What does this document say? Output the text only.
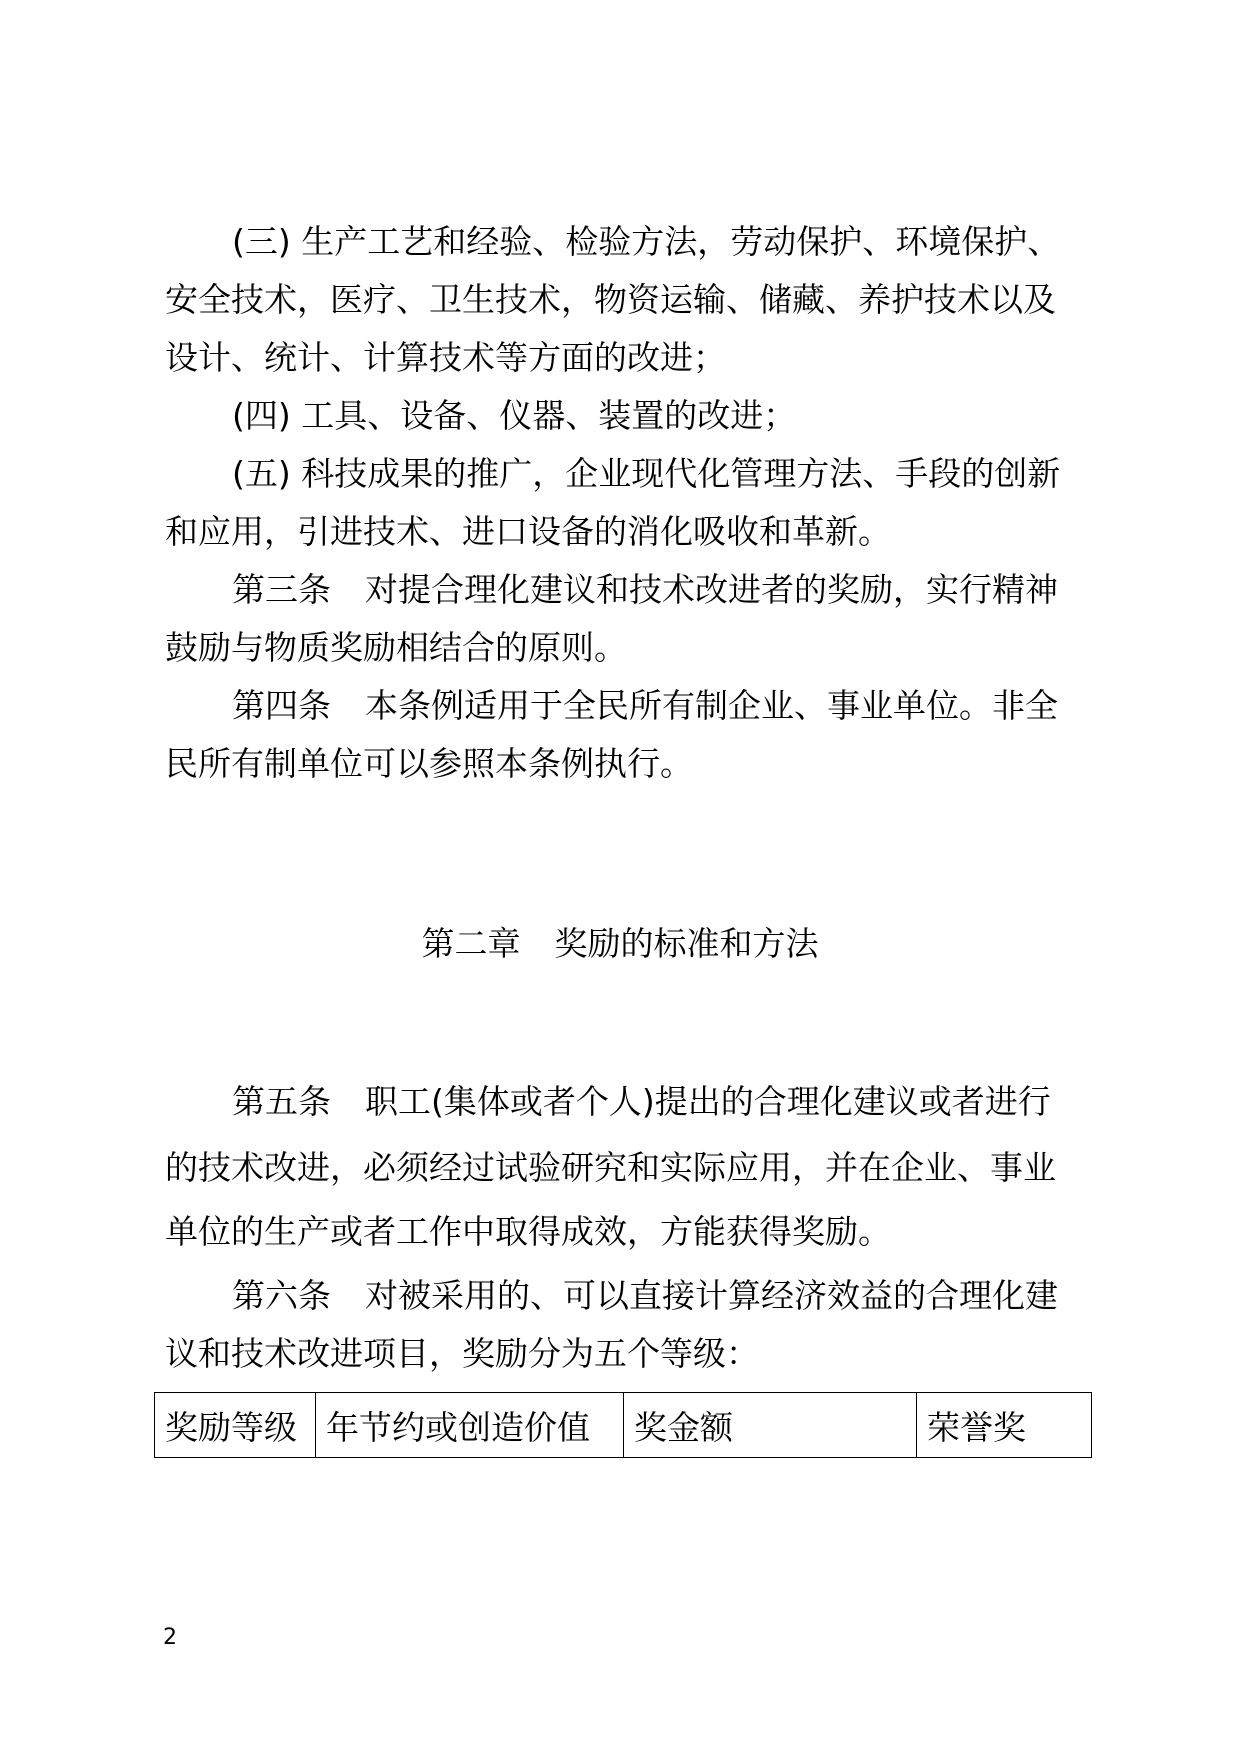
(三) 生产工艺和经验、检验方法，劳动保护、环境保护、
安全技术，医疗、卫生技术，物资运输、储藏、养护技术以及
设计、统计、计算技术等方面的改进；
(四) 工具、设备、仪器、装置的改进；
(五) 科技成果的推广，企业现代化管理方法、手段的创新
和应用，引进技术、进口设备的消化吸收和革新。
第三条 对提合理化建议和技术改进者的奖励，实行精神
鼓励与物质奖励相结合的原则。
第四条 本条例适用于全民所有制企业、事业单位。非全
民所有制单位可以参照本条例执行。
第二章 奖励的标准和方法
第五条 职工(集体或者个人)提出的合理化建议或者进行
的技术改进，必须经过试验研究和实际应用，并在企业、事业
单位的生产或者工作中取得成效，方能获得奖励。
第六条 对被采用的、可以直接计算经济效益的合理化建
议和技术改进项目，奖励分为五个等级：
奖励等级	年节约或创造价值	奖金额	荣誉奖
2
